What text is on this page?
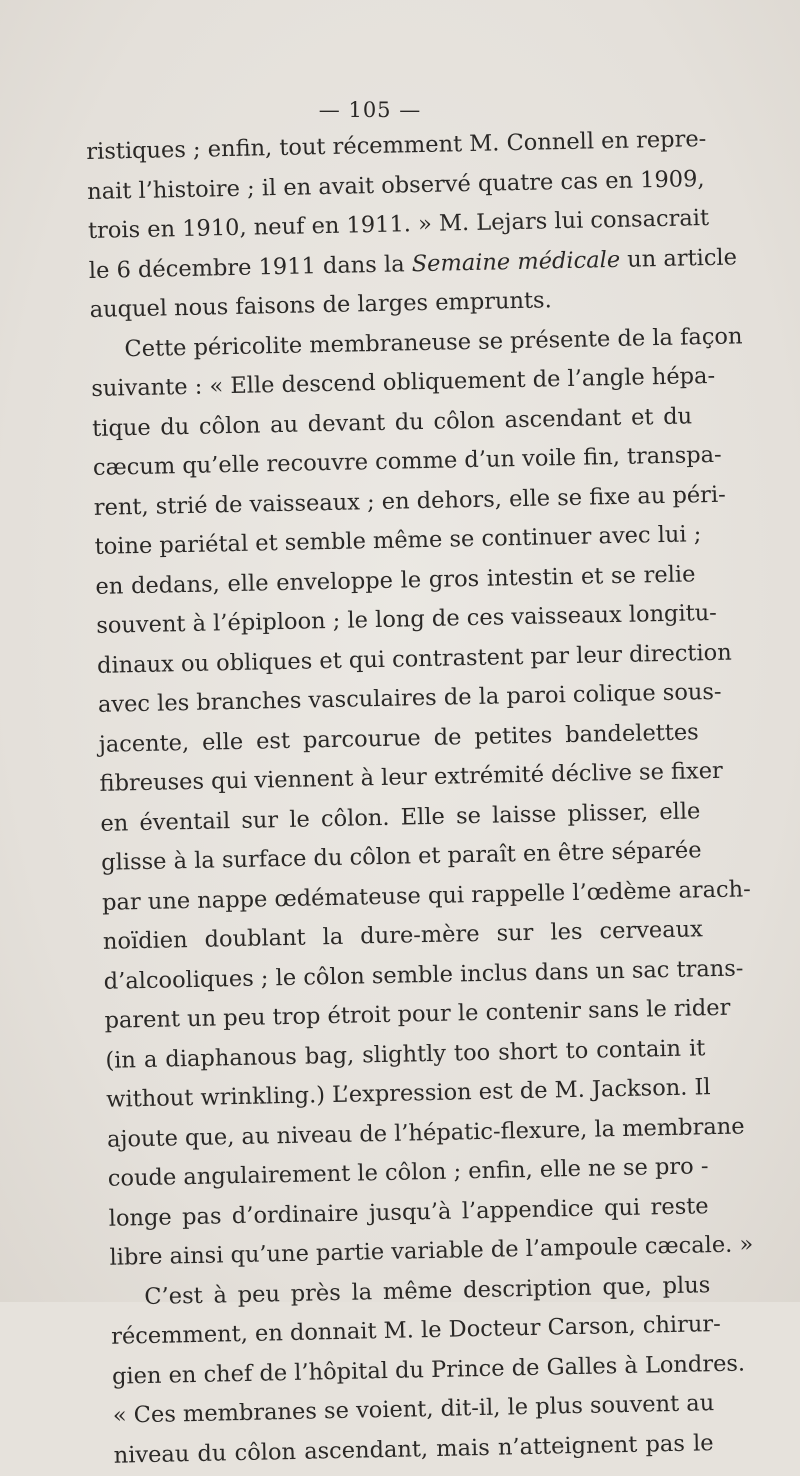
— 105 —
ristiques ; enfin, tout récemment M. Connell en repre-
nait l’histoire ; il en avait observé quatre cas en 1909,
trois en 1910, neuf en 1911. » M. Lejars lui consacrait
le 6 décembre 1911 dans la Semaine médicale un article
auquel nous faisons de larges emprunts.
Cette péricolite membraneuse se présente de la façon
suivante : « Elle descend obliquement de l’angle hépa-
tique du côlon au devant du côlon ascendant et du
cæcum qu’elle recouvre comme d’un voile fin, transpa-
rent, strié de vaisseaux ; en dehors, elle se fixe au péri-
toine pariétal et semble même se continuer avec lui ;
en dedans, elle enveloppe le gros intestin et se relie
souvent à l’épiploon ; le long de ces vaisseaux longitu-
dinaux ou obliques et qui contrastent par leur direction
avec les branches vasculaires de la paroi colique sous-
jacente, elle est parcourue de petites bandelettes
fibreuses qui viennent à leur extrémité déclive se fixer
en éventail sur le côlon. Elle se laisse plisser, elle
glisse à la surface du côlon et paraît en être séparée
par une nappe œdémateuse qui rappelle l’œdème arach-
noïdien doublant la dure-mère sur les cerveaux
d’alcooliques ; le côlon semble inclus dans un sac trans-
parent un peu trop étroit pour le contenir sans le rider
(in a diaphanous bag, slightly too short to contain it
without wrinkling.) L’expression est de M. Jackson. Il
ajoute que, au niveau de l’hépatic-flexure, la membrane
coude angulairement le côlon ; enfin, elle ne se pro -
longe pas d’ordinaire jusqu’à l’appendice qui reste
libre ainsi qu’une partie variable de l’ampoule cæcale. »
C’est à peu près la même description que, plus
récemment, en donnait M. le Docteur Carson, chirur-
gien en chef de l’hôpital du Prince de Galles à Londres.
« Ces membranes se voient, dit-il, le plus souvent au
niveau du côlon ascendant, mais n’atteignent pas le
